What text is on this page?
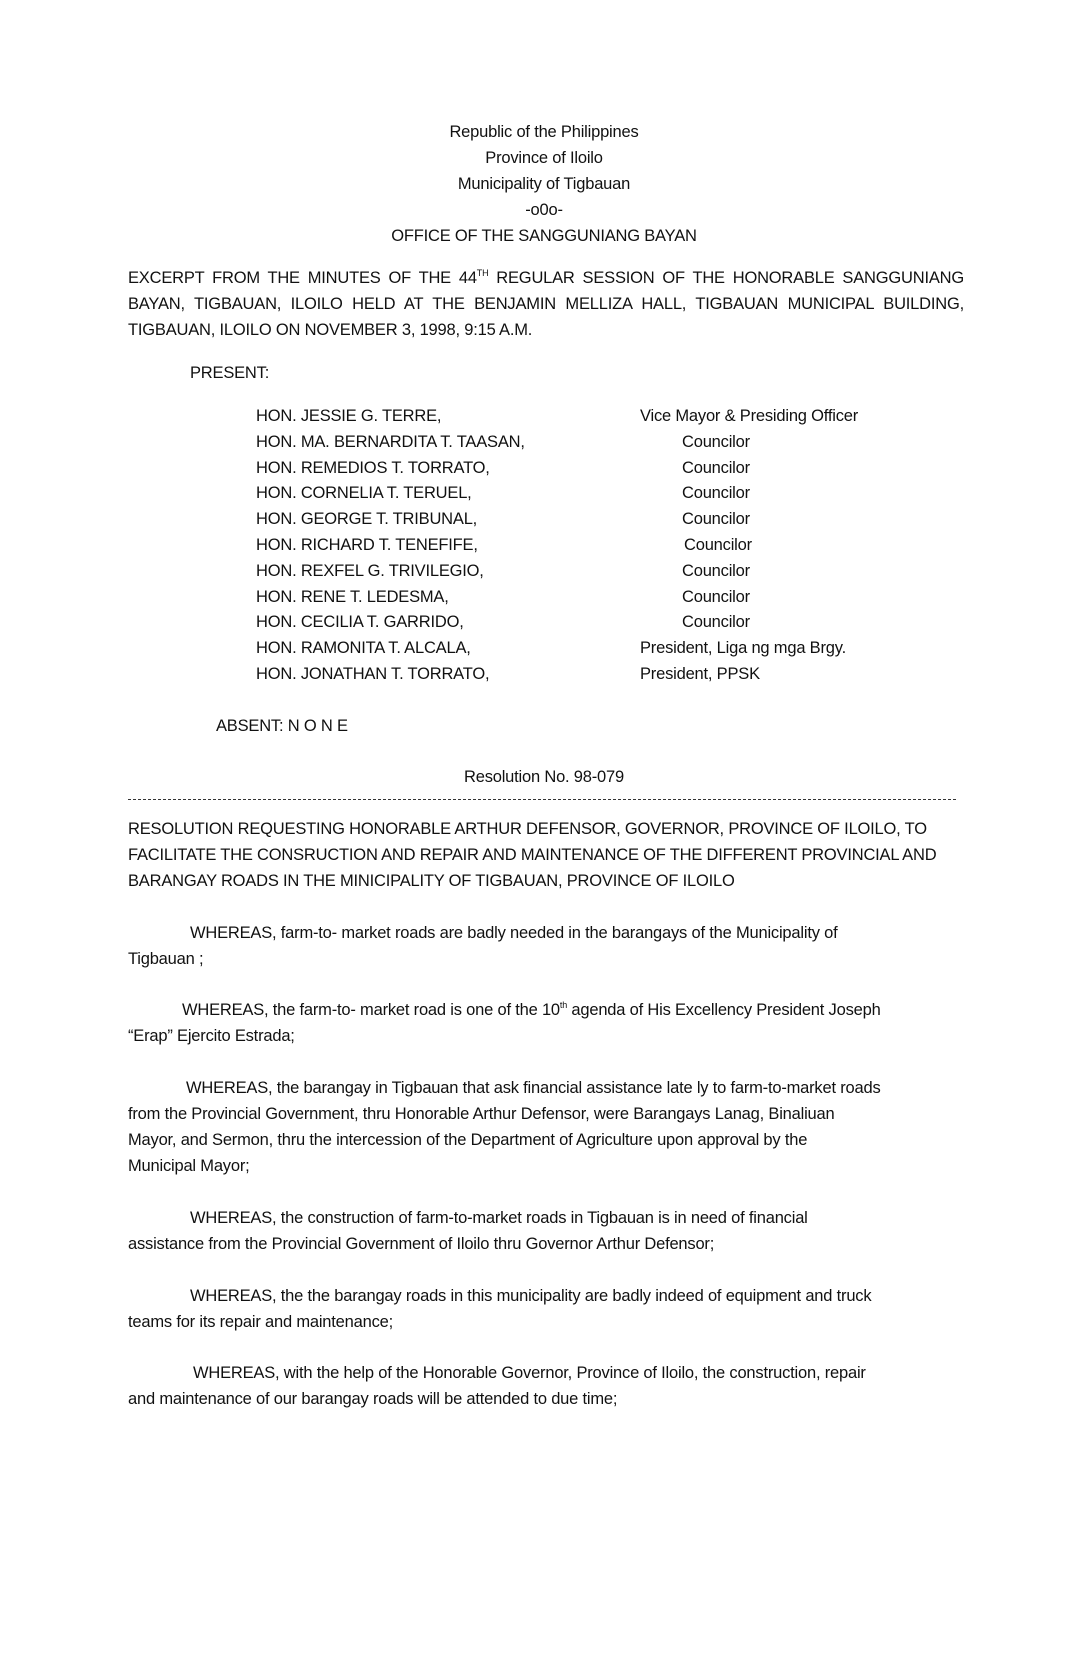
Republic of the Philippines
Province of Iloilo
Municipality of Tigbauan
-o0o-
OFFICE OF THE SANGGUNIANG BAYAN
EXCERPT FROM THE MINUTES OF THE 44TH REGULAR SESSION OF THE HONORABLE SANGGUNIANG
BAYAN, TIGBAUAN, ILOILO HELD AT THE BENJAMIN MELLIZA HALL, TIGBAUAN MUNICIPAL BUILDING,
TIGBAUAN, ILOILO ON NOVEMBER 3, 1998, 9:15 A.M.
PRESENT:
HON. JESSIE G. TERRE,	Vice Mayor & Presiding Officer
HON. MA. BERNARDITA T. TAASAN,	Councilor
HON. REMEDIOS T. TORRATO,	Councilor
HON. CORNELIA T. TERUEL,	Councilor
HON. GEORGE T. TRIBUNAL,	Councilor
HON. RICHARD T. TENEFIFE,	Councilor
HON. REXFEL G. TRIVILEGIO,	Councilor
HON. RENE T. LEDESMA,	Councilor
HON. CECILIA T. GARRIDO,	Councilor
HON. RAMONITA T. ALCALA,	President, Liga ng mga Brgy.
HON. JONATHAN T. TORRATO,	President, PPSK
ABSENT: N O N E
Resolution No. 98-079
RESOLUTION REQUESTING HONORABLE ARTHUR DEFENSOR, GOVERNOR, PROVINCE OF ILOILO, TO
FACILITATE THE CONSRUCTION AND REPAIR AND MAINTENANCE OF THE DIFFERENT PROVINCIAL AND
BARANGAY ROADS IN THE MINICIPALITY OF TIGBAUAN, PROVINCE OF ILOILO
WHEREAS, farm-to- market roads are badly needed in the barangays of the Municipality of
Tigbauan ;
WHEREAS, the farm-to- market road is one of the 10th agenda of His Excellency President Joseph
“Erap” Ejercito Estrada;
WHEREAS, the barangay in Tigbauan that ask financial assistance late ly to farm-to-market roads
from the Provincial Government, thru Honorable Arthur Defensor, were Barangays Lanag, Binaliuan
Mayor, and Sermon, thru the intercession of the Department of Agriculture upon approval by the
Municipal Mayor;
WHEREAS, the construction of farm-to-market roads in Tigbauan is in need of financial
assistance from the Provincial Government of Iloilo thru Governor Arthur Defensor;
WHEREAS, the the barangay roads in this municipality are badly indeed of equipment and truck
teams for its repair and maintenance;
WHEREAS, with the help of the Honorable Governor, Province of Iloilo, the construction, repair
and maintenance of our barangay roads will be attended to due time;
